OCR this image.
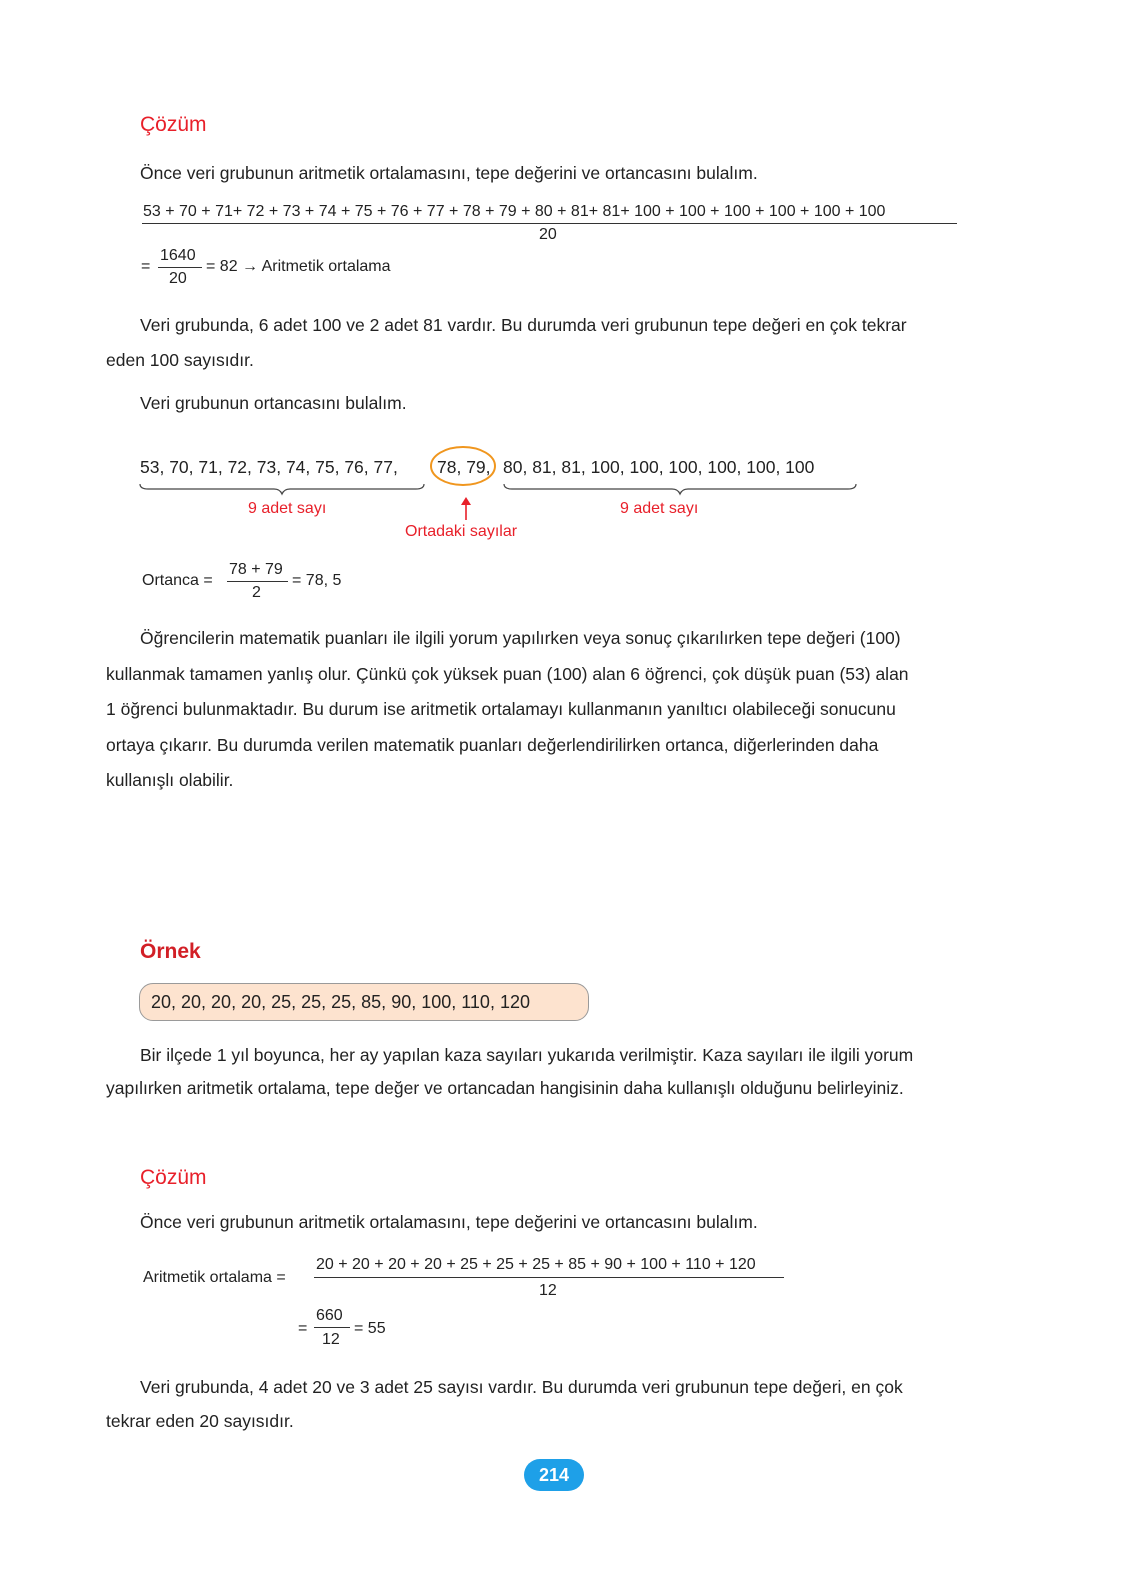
Çözüm
Önce veri grubunun aritmetik ortalamasını, tepe değerini ve ortancasını bulalım.
53 + 70 + 71+ 72 + 73 + 74 + 75 + 76 + 77 + 78 + 79 + 80 + 81+ 81+ 100 + 100 + 100 + 100 + 100 + 100
20
=
1640
20
= 82 → Aritmetik ortalama
Veri grubunda, 6 adet 100 ve 2 adet 81 vardır. Bu durumda veri grubunun tepe değeri en çok tekrar
eden 100 sayısıdır.
Veri grubunun ortancasını bulalım.
53, 70, 71, 72, 73, 74, 75, 76, 77, 78, 79, 80, 81, 81, 100, 100, 100, 100, 100, 100
9 adet sayı	9 adet sayı
Ortadaki sayılar
Ortanca =
78 + 79
2
= 78, 5
Öğrencilerin matematik puanları ile ilgili yorum yapılırken veya sonuç çıkarılırken tepe değeri (100)
kullanmak tamamen yanlış olur. Çünkü çok yüksek puan (100) alan 6 öğrenci, çok düşük puan (53) alan
1 öğrenci bulunmaktadır. Bu durum ise aritmetik ortalamayı kullanmanın yanıltıcı olabileceği sonucunu
ortaya çıkarır. Bu durumda verilen matematik puanları değerlendirilirken ortanca, diğerlerinden daha
kullanışlı olabilir.
Örnek
20, 20, 20, 20, 25, 25, 25, 85, 90, 100, 110, 120
Bir ilçede 1 yıl boyunca, her ay yapılan kaza sayıları yukarıda verilmiştir. Kaza sayıları ile ilgili yorum
yapılırken aritmetik ortalama, tepe değer ve ortancadan hangisinin daha kullanışlı olduğunu belirleyiniz.
Çözüm
Önce veri grubunun aritmetik ortalamasını, tepe değerini ve ortancasını bulalım.
Aritmetik ortalama =
20 + 20 + 20 + 20 + 25 + 25 + 25 + 85 + 90 + 100 + 110 + 120
12
=
660
12
= 55
Veri grubunda, 4 adet 20 ve 3 adet 25 sayısı vardır. Bu durumda veri grubunun tepe değeri, en çok
tekrar eden 20 sayısıdır.
214
